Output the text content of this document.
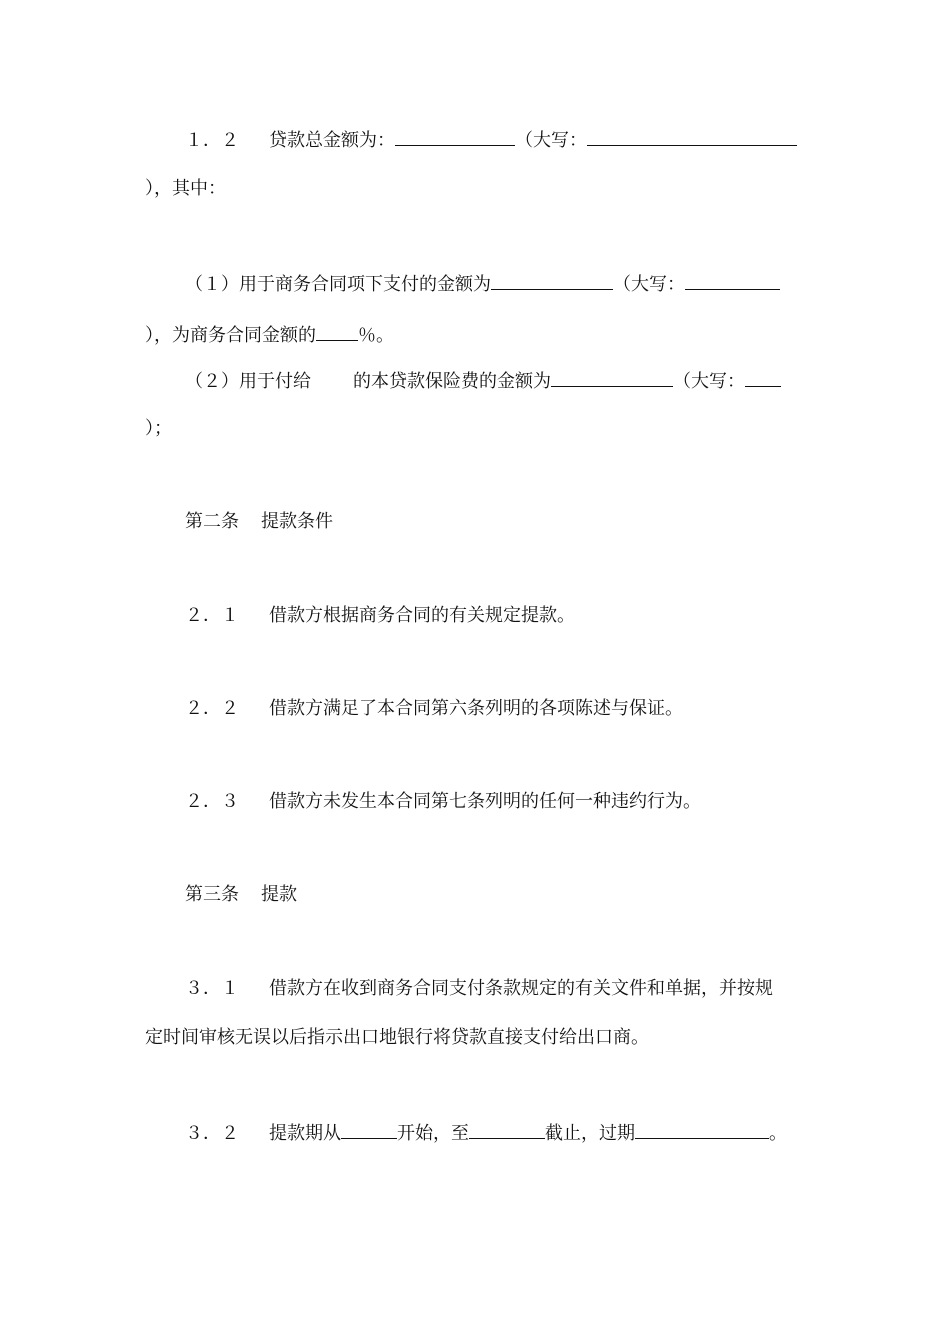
１．２ 贷款总金额为：	（大写：
），其中：
（１）用于商务合同项下支付的金额为	（大写：
），为商务合同金额的 ％。
（２）用于付给 的本贷款保险费的金额为	（大写：
）；
第二条 提款条件
２．１ 借款方根据商务合同的有关规定提款。
２．２ 借款方满足了本合同第六条列明的各项陈述与保证。
２．３ 借款方未发生本合同第七条列明的任何一种违约行为。
第三条 提款
３．１ 借款方在收到商务合同支付条款规定的有关文件和单据，并按规
定时间审核无误以后指示出口地银行将贷款直接支付给出口商。
３．２ 提款期从	开始，至	截止，过期	。
